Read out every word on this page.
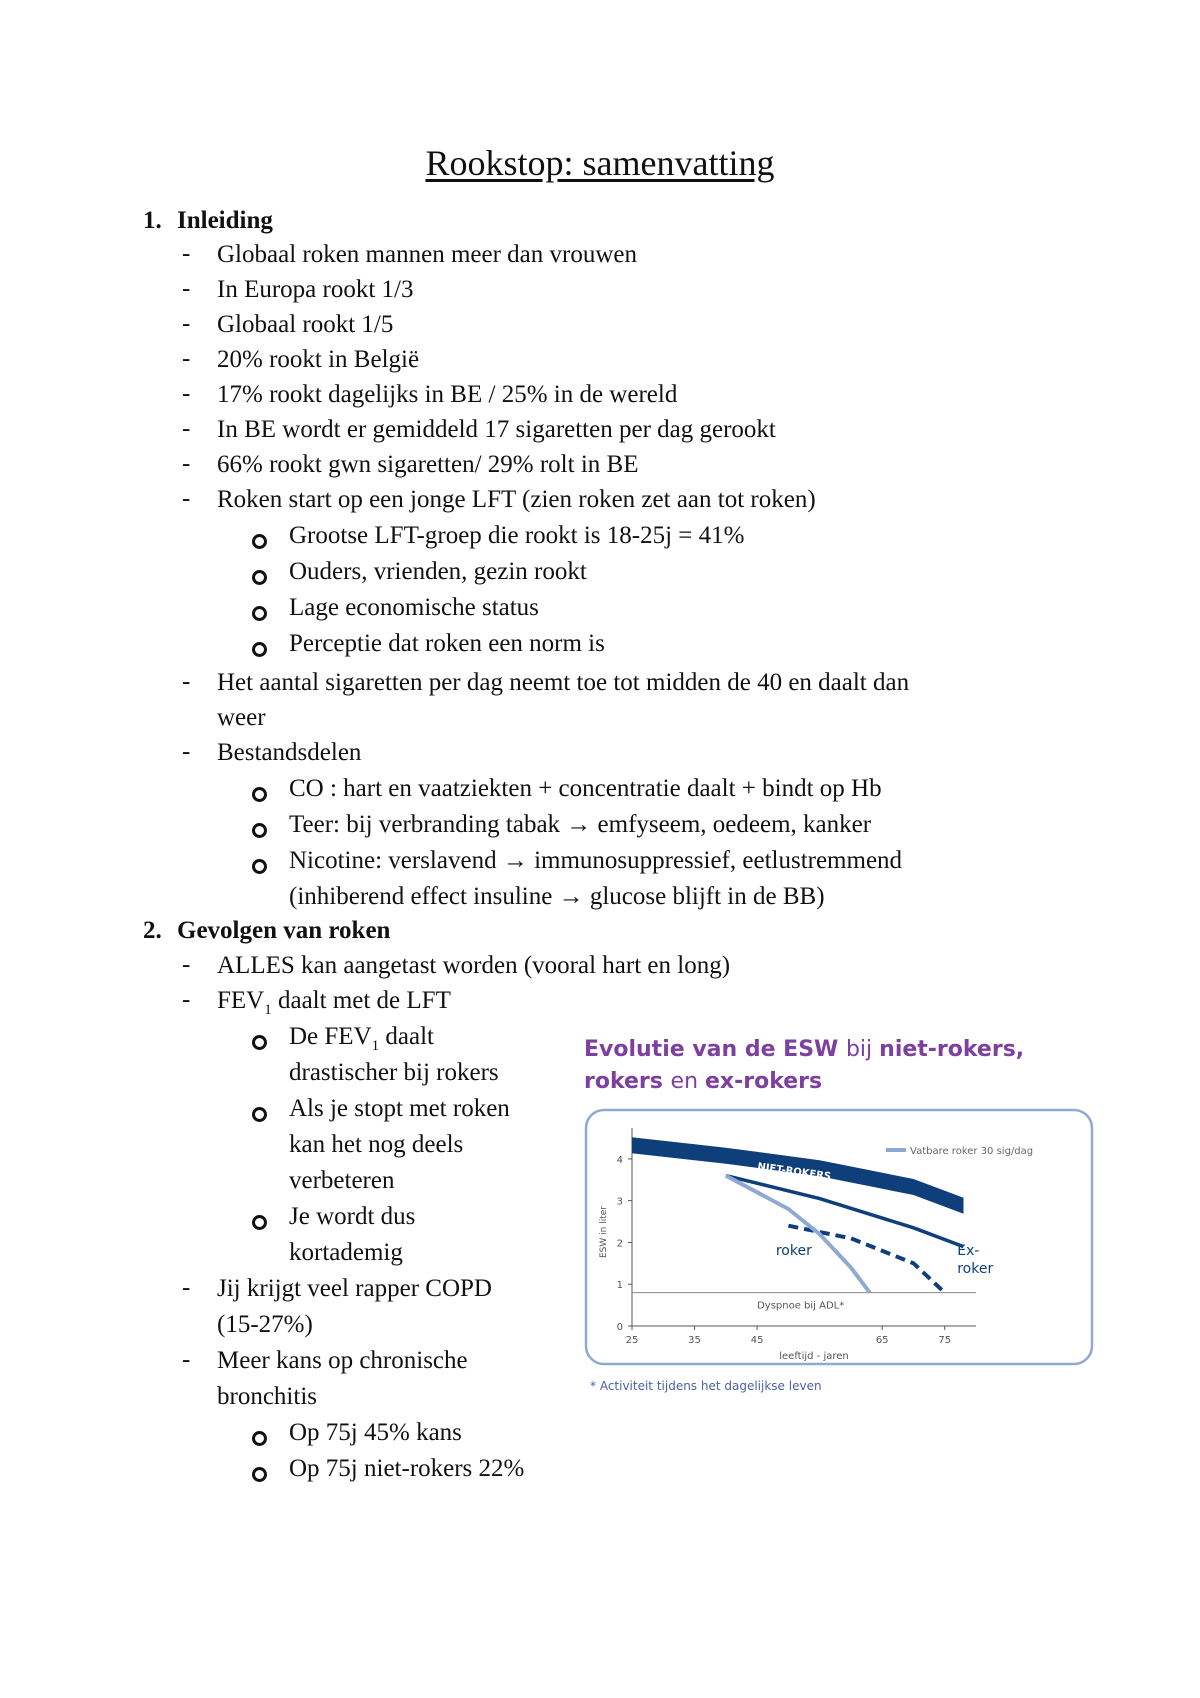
Rookstop: samenvatting
1. Inleiding
- Globaal roken mannen meer dan vrouwen
- In Europa rookt 1/3
- Globaal rookt 1/5
- 20% rookt in België
- 17% rookt dagelijks in BE / 25% in de wereld
- In BE wordt er gemiddeld 17 sigaretten per dag gerookt
- 66% rookt gwn sigaretten/ 29% rolt in BE
- Roken start op een jonge LFT (zien roken zet aan tot roken)
Grootse LFT-groep die rookt is 18-25j = 41%
Ouders, vrienden, gezin rookt
Lage economische status
Perceptie dat roken een norm is
- Het aantal sigaretten per dag neemt toe tot midden de 40 en daalt dan
weer
- Bestandsdelen
CO : hart en vaatziekten + concentratie daalt + bindt op Hb
Teer: bij verbranding tabak → emfyseem, oedeem, kanker
Nicotine: verslavend → immunosuppressief, eetlustremmend
(inhiberend effect insuline → glucose blijft in de BB)
2. Gevolgen van roken
- ALLES kan aangetast worden (vooral hart en long)
- $FEV_1$ daalt met de LFT
De $FEV_1$ daalt
drastischer bij rokers
Als je stopt met roken
kan het nog deels
verbeteren
Je wordt dus
kortademig
- Jij krijgt veel rapper COPD
(15-27%)
- Meer kans op chronische
bronchitis
Op 75j 45% kans
Op 75j niet-rokers 22%
Evolutie van de ESW bij niet-rokers,
rokers en ex-rokers
0
1
2
3
4
25	35	45	65	75
leeftijd - jaren
ESW in liter
Dyspnoe bij ADL*
NIET-ROKERS
roker	Ex-
roker
Vatbare roker 30 sig/dag
* Activiteit tijdens het dagelijkse leven
